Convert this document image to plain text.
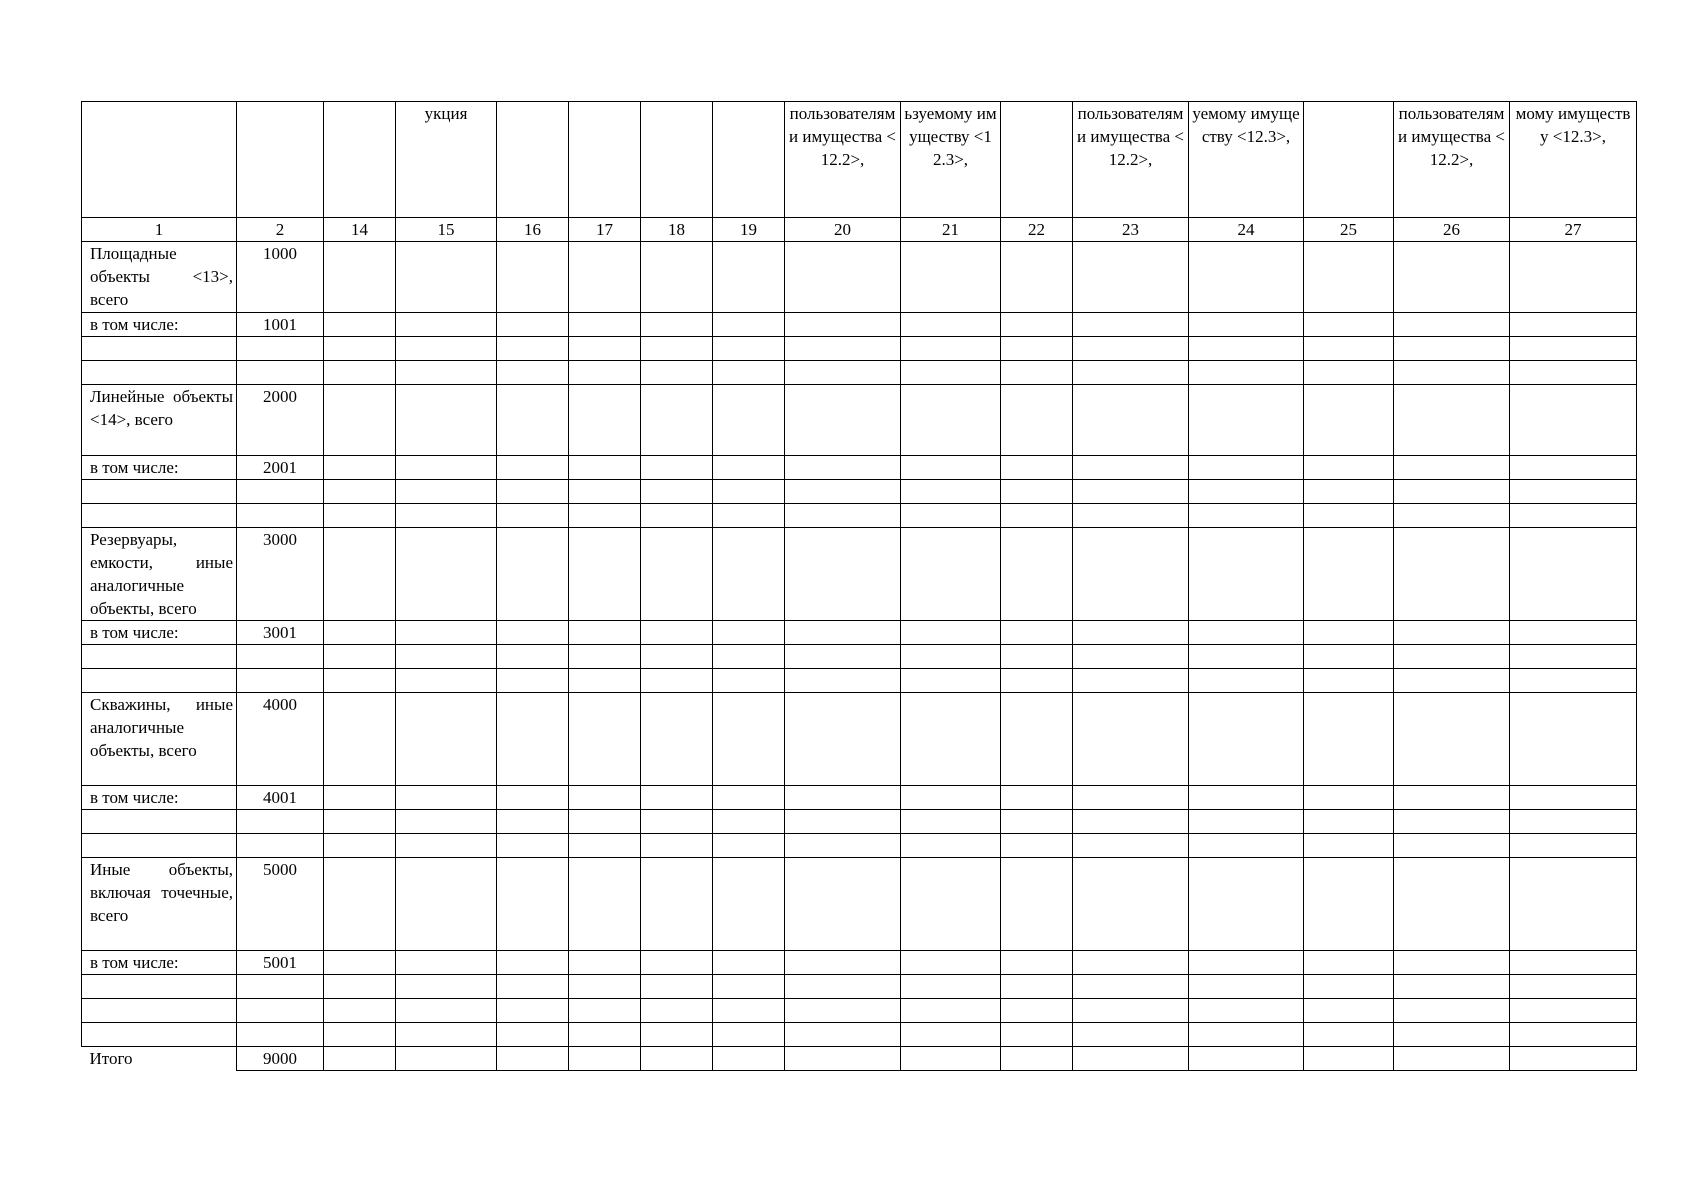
			укция					пользователями имущества <12.2>,	ьзуемому имуществу <12.3>,		пользователями имущества <12.2>,	уемому имуществу <12.3>,		пользователями имущества <12.2>,	мому имуществу <12.3>,

1	2	14	15	16	17	18	19	20	21	22	23	24	25	26	27
Площадные объекты <13>, всего	1000														
в том числе:	1001														

Линейные объекты <14>, всего	2000														
в том числе:	2001														

Резервуары, емкости, иные аналогичные объекты, всего	3000														
в том числе:	3001														

Скважины, иные аналогичные объекты, всего	4000														
в том числе:	4001														

Иные объекты, включая точечные, всего	5000														
в том числе:	5001														

Итого	9000														
